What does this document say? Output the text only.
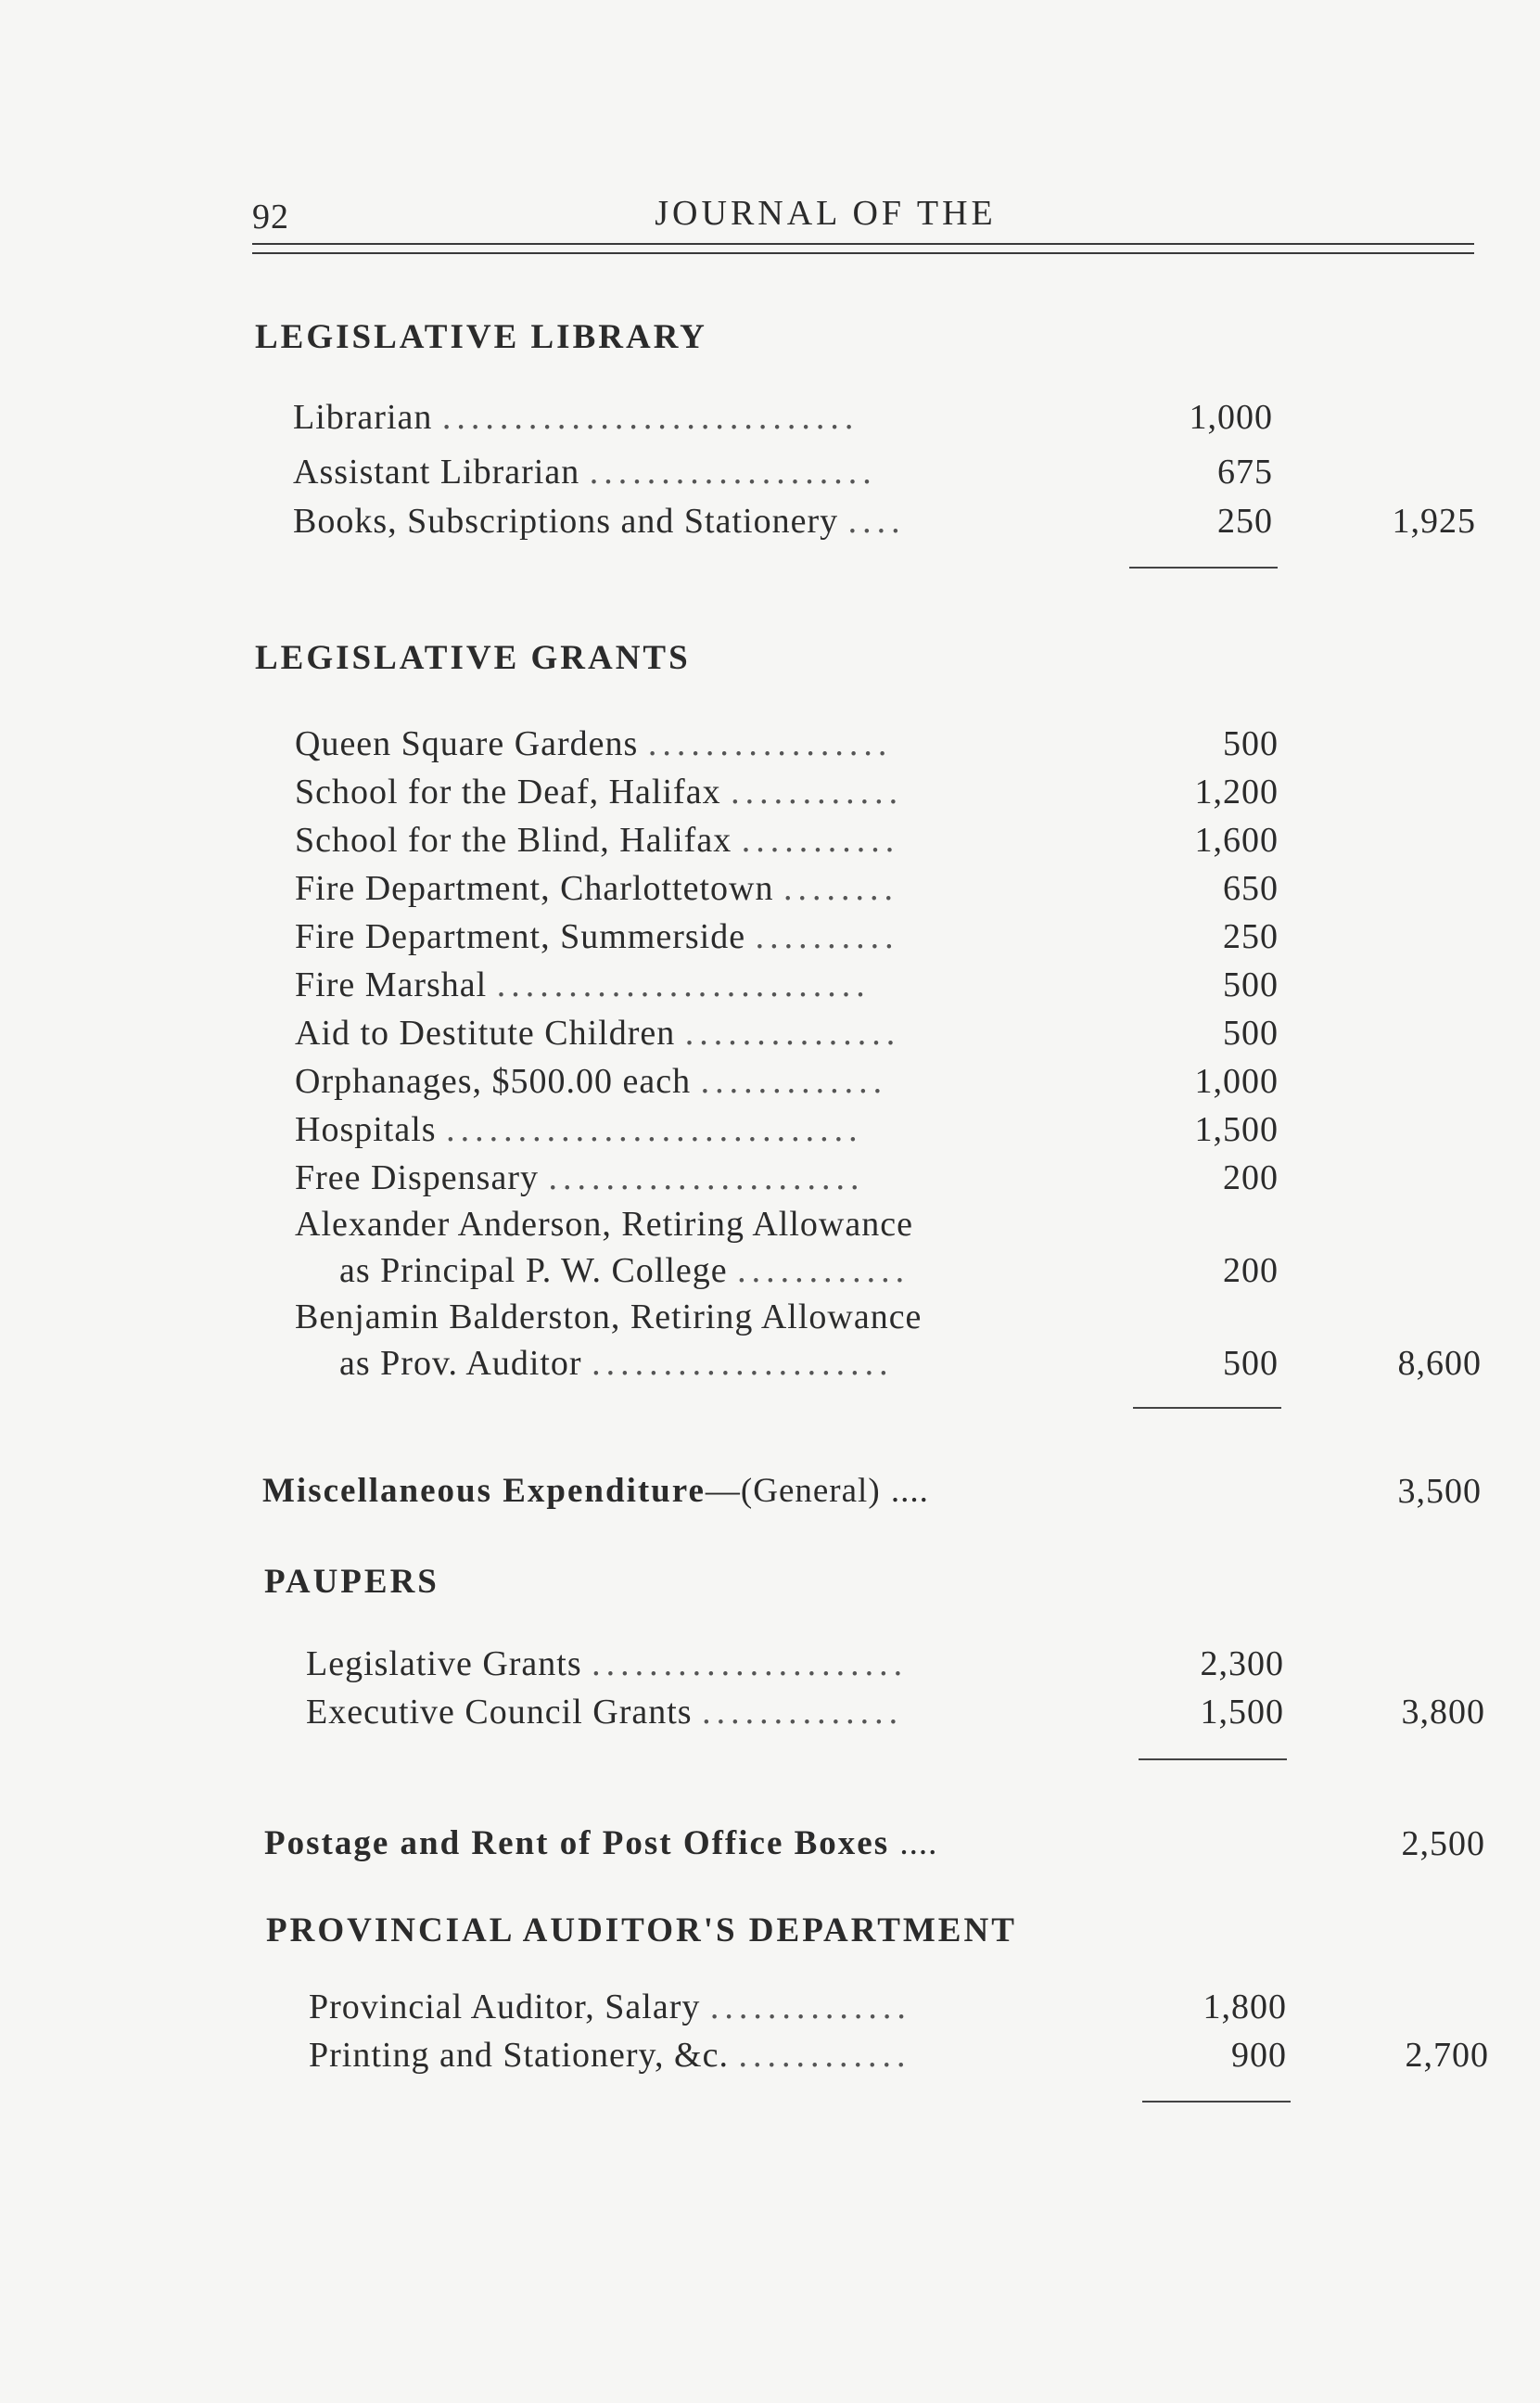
92	JOURNAL OF THE
LEGISLATIVE LIBRARY
Librarian .............................	1,000
Assistant Librarian ....................	675
Books, Subscriptions and Stationery ....	250	1,925
LEGISLATIVE GRANTS
Queen Square Gardens .................	500
School for the Deaf, Halifax ............	1,200
School for the Blind, Halifax ...........	1,600
Fire Department, Charlottetown ........	650
Fire Department, Summerside ..........	250
Fire Marshal ..........................	500
Aid to Destitute Children ...............	500
Orphanages, $500.00 each .............	1,000
Hospitals .............................	1,500
Free Dispensary ......................	200
Alexander Anderson, Retiring Allowance
as Principal P. W. College ............	200
Benjamin Balderston, Retiring Allowance
as Prov. Auditor .....................	500	8,600
Miscellaneous Expenditure—(General) ....	3,500
PAUPERS
Legislative Grants ......................	2,300
Executive Council Grants ..............	1,500	3,800
Postage and Rent of Post Office Boxes ....	2,500
PROVINCIAL AUDITOR'S DEPARTMENT
Provincial Auditor, Salary ..............	1,800
Printing and Stationery, &c. ............	900	2,700
